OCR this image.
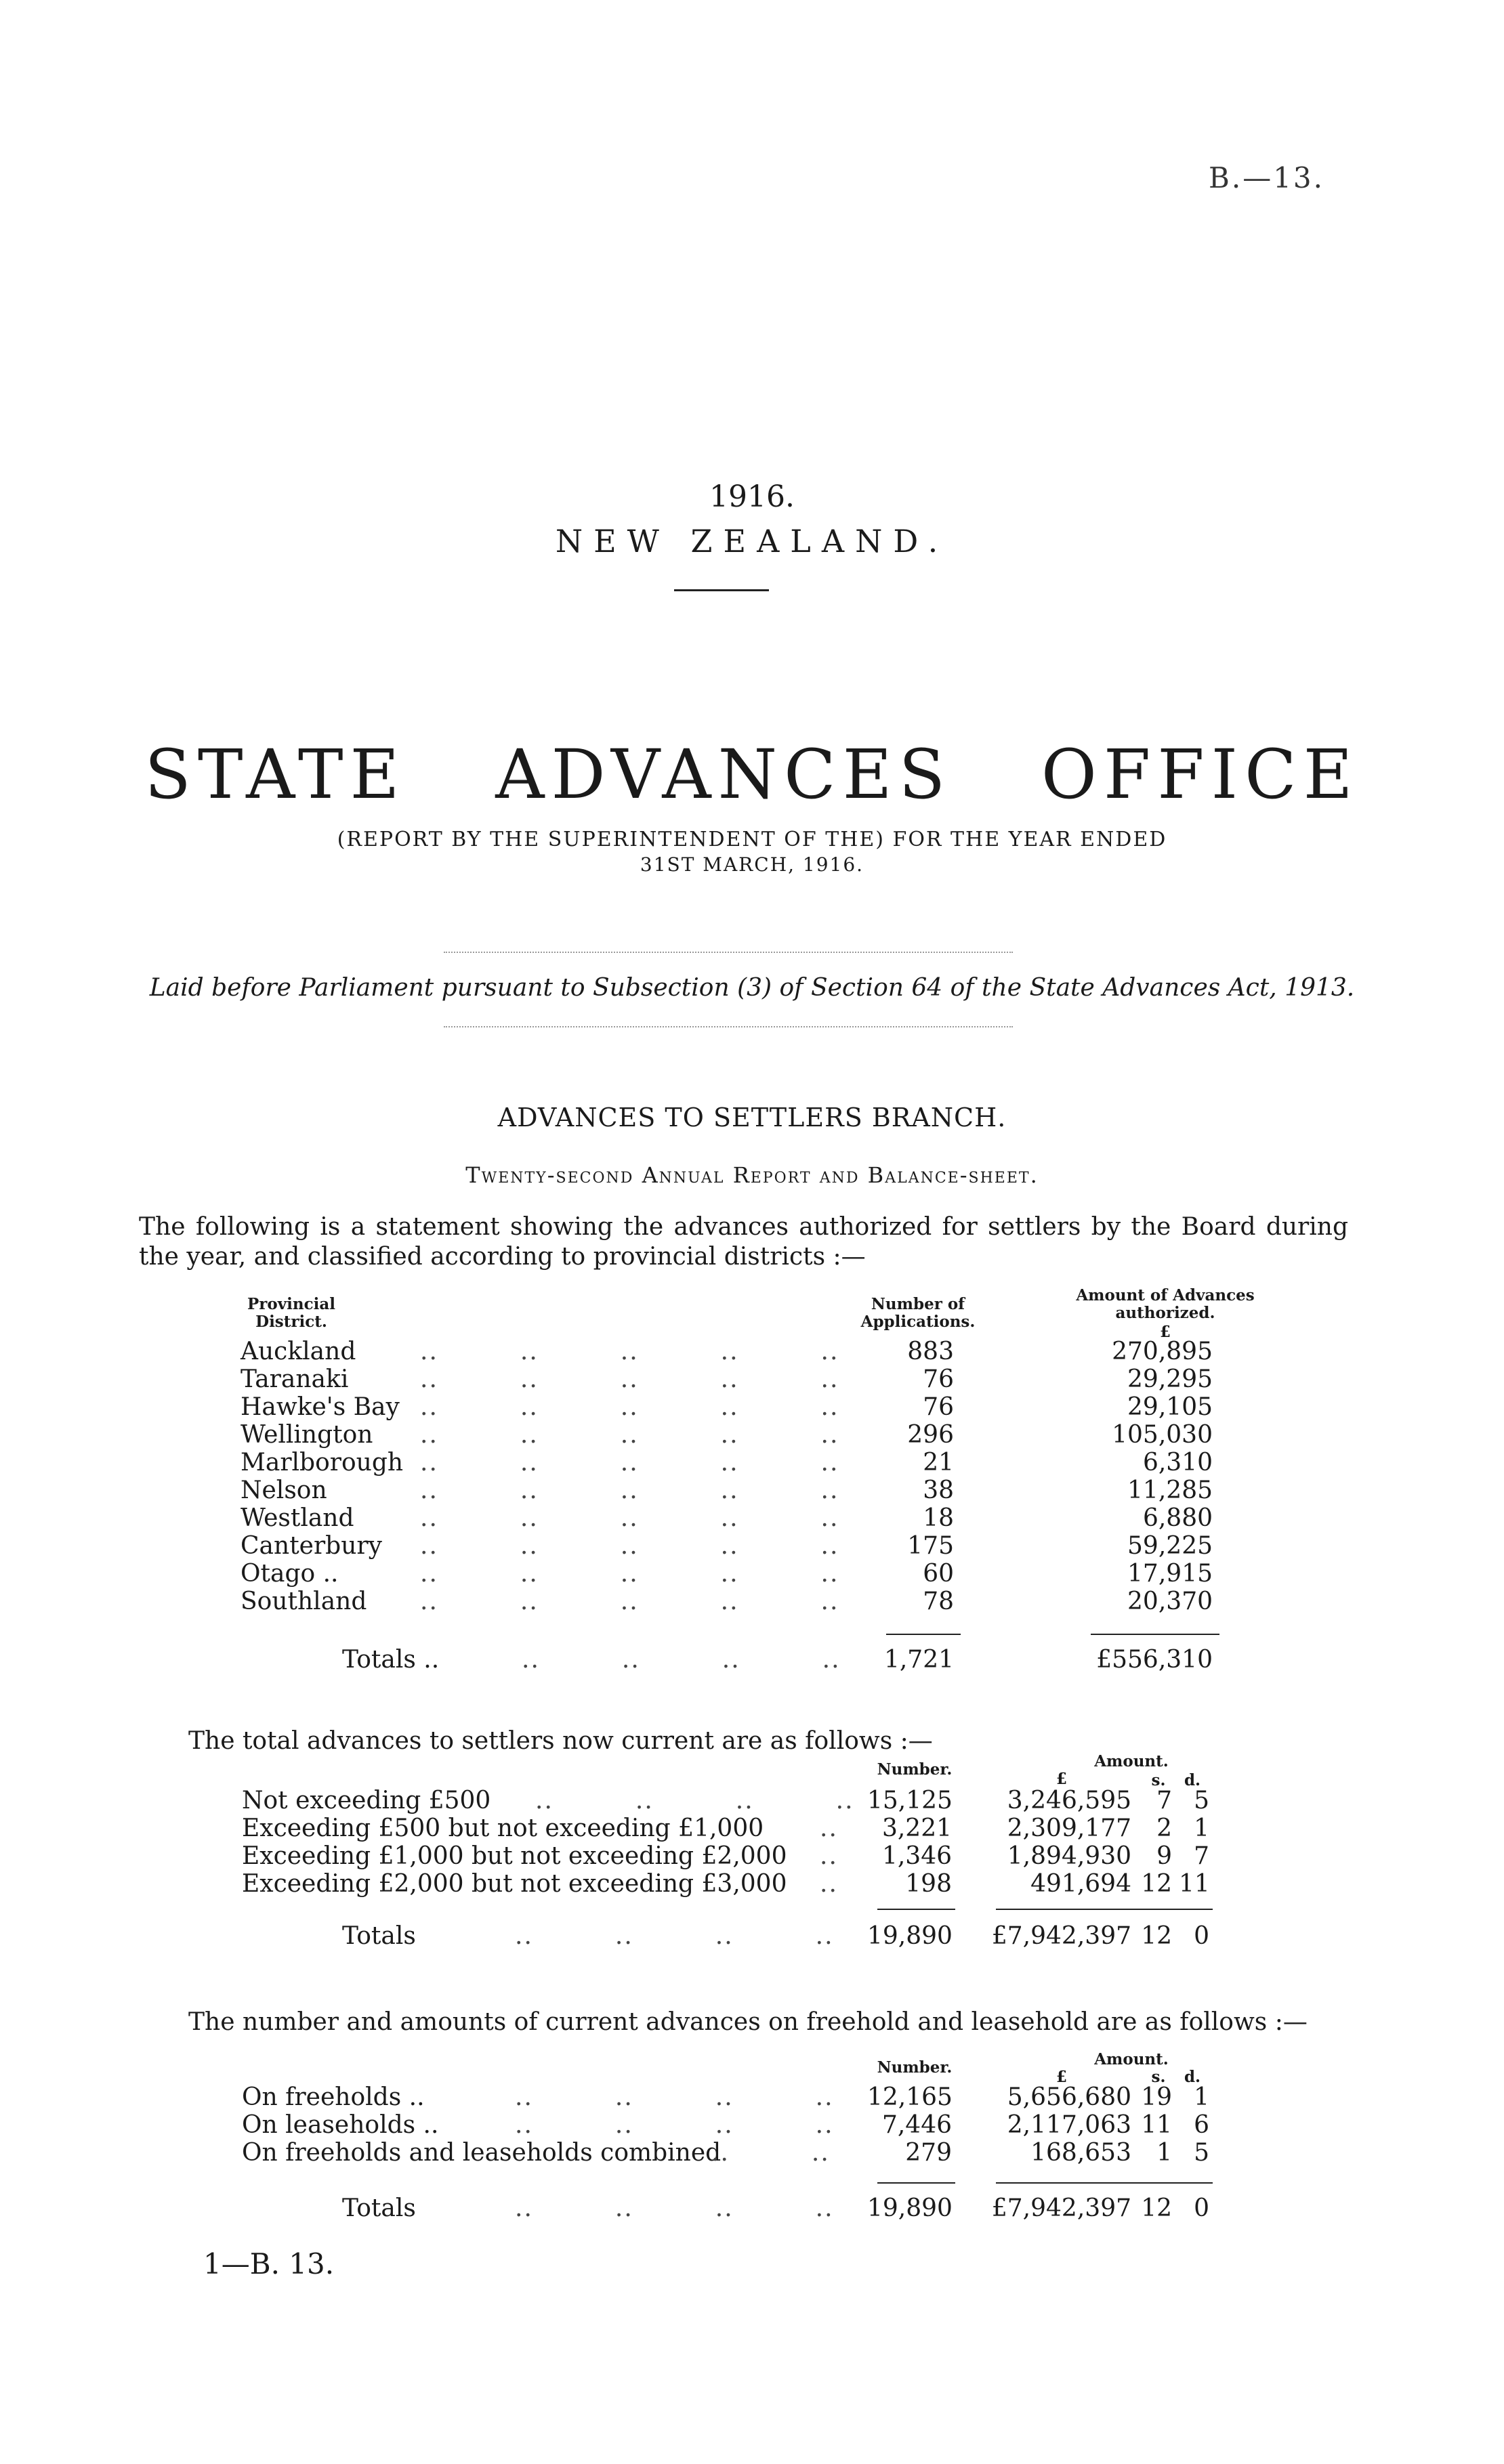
B.—13.
1916.
NEW ZEALAND.
STATE ADVANCES OFFICE
(REPORT BY THE SUPERINTENDENT OF THE) FOR THE YEAR ENDED
31ST MARCH, 1916.
Laid before Parliament pursuant to Subsection (3) of Section 64 of the State Advances Act, 1913.
ADVANCES TO SETTLERS BRANCH.
Twenty-second Annual Report and Balance-sheet.
The following is a statement showing the advances authorized for settlers by the Board during the year, and classified according to provincial districts :—
Provincial District.
Number of Applications.
Amount of Advances authorized.
£
Auckland	..         ..         ..         ..         ..	883	270,895
Taranaki	..         ..         ..         ..         ..	76	29,295
Hawke's Bay ..         ..         ..         ..         ..	76	29,105
Wellington ..         ..         ..         ..         ..	296	105,030
Marlborough ..         ..         ..         ..         ..	21	6,310
Nelson	..         ..         ..         ..         ..	38	11,285
Westland	..         ..         ..         ..         ..	18	6,880
Canterbury ..         ..         ..         ..         ..	175	59,225
Otago ..	..         ..         ..         ..         ..	60	17,915
Southland ..         ..         ..         ..         ..	78	20,370
Totals ..	..         ..         ..         ..	1,721	£556,310
The total advances to settlers now current are as follows :—
Number.	Amount.
£	s. d.
Not exceeding £500 ..         ..         ..         .. 15,125	3,246,595	7 5
Exceeding £500 but not exceeding £1,000 ..	3,221	2,309,177	2 1
Exceeding £1,000 but not exceeding £2,000 ..	1,346	1,894,930	9 7
Exceeding £2,000 but not exceeding £3,000 ..	198	491,694 12 11
Totals	..         ..         ..         .. 19,890	£7,942,397 12 0
The number and amounts of current advances on freehold and leasehold are as follows :—
Number.	Amount.
£	s. d.
On freeholds ..	..         ..         ..         .. 12,165	5,656,680 19 1
On leaseholds ..	..         ..         ..         ..	7,446	2,117,063 11 6
On freeholds and leaseholds combined
..         ..	279	168,653	1 5
Totals	..         ..         ..         .. 19,890	£7,942,397 12 0
1—B. 13.
